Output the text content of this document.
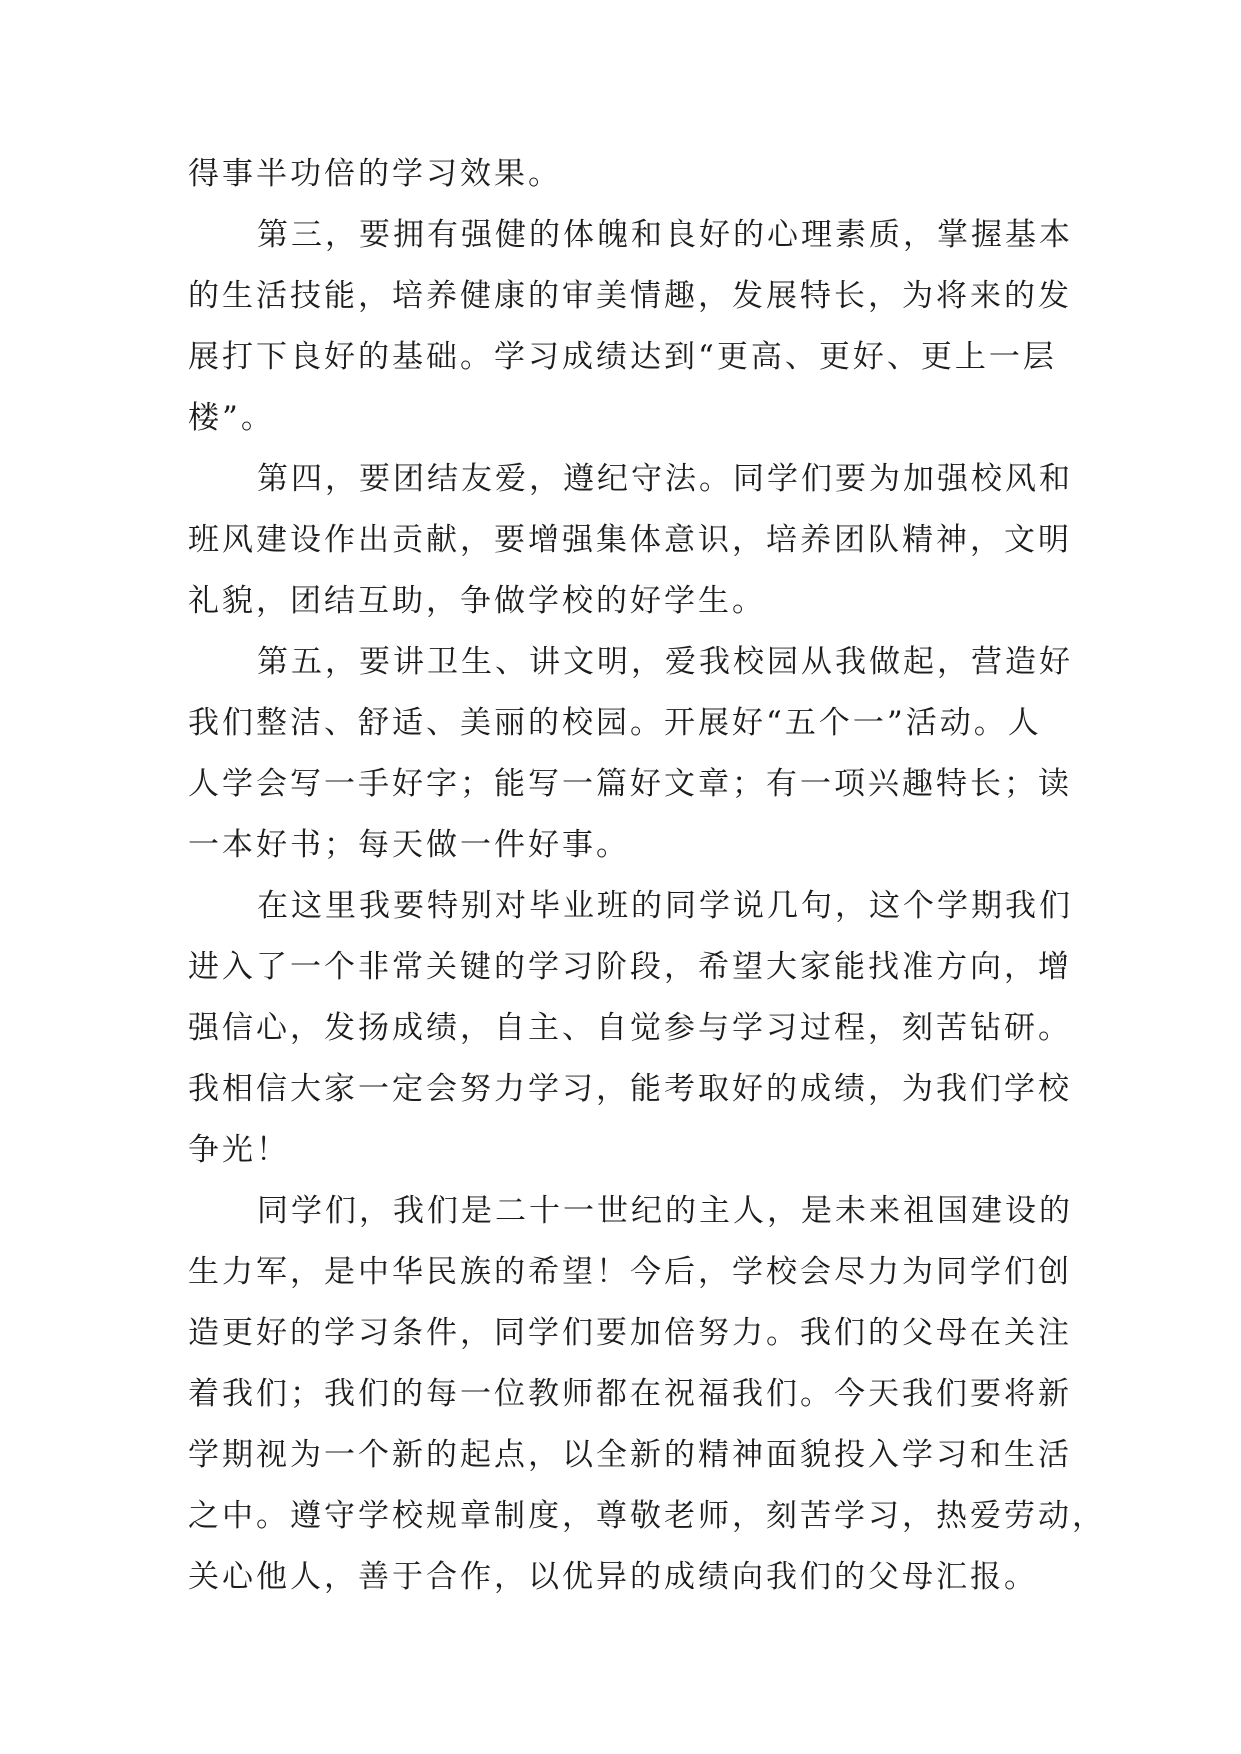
得事半功倍的学习效果。

第三，要拥有强健的体魄和良好的心理素质，掌握基本

的生活技能，培养健康的审美情趣，发展特长，为将来的发

展打下良好的基础。学习成绩达到“更高、更好、更上一层

楼”。

第四，要团结友爱，遵纪守法。同学们要为加强校风和

班风建设作出贡献，要增强集体意识，培养团队精神，文明

礼貌，团结互助，争做学校的好学生。

第五，要讲卫生、讲文明，爱我校园从我做起，营造好

我们整洁、舒适、美丽的校园。开展好“五个一”活动。人

人学会写一手好字；能写一篇好文章；有一项兴趣特长；读

一本好书；每天做一件好事。

在这里我要特别对毕业班的同学说几句，这个学期我们

进入了一个非常关键的学习阶段，希望大家能找准方向，增

强信心，发扬成绩，自主、自觉参与学习过程，刻苦钻研。

我相信大家一定会努力学习，能考取好的成绩，为我们学校

争光！

同学们，我们是二十一世纪的主人，是未来祖国建设的

生力军，是中华民族的希望！今后，学校会尽力为同学们创

造更好的学习条件，同学们要加倍努力。我们的父母在关注

着我们；我们的每一位教师都在祝福我们。今天我们要将新

学期视为一个新的起点，以全新的精神面貌投入学习和生活

之中。遵守学校规章制度，尊敬老师，刻苦学习，热爱劳动，

关心他人，善于合作，以优异的成绩向我们的父母汇报。
